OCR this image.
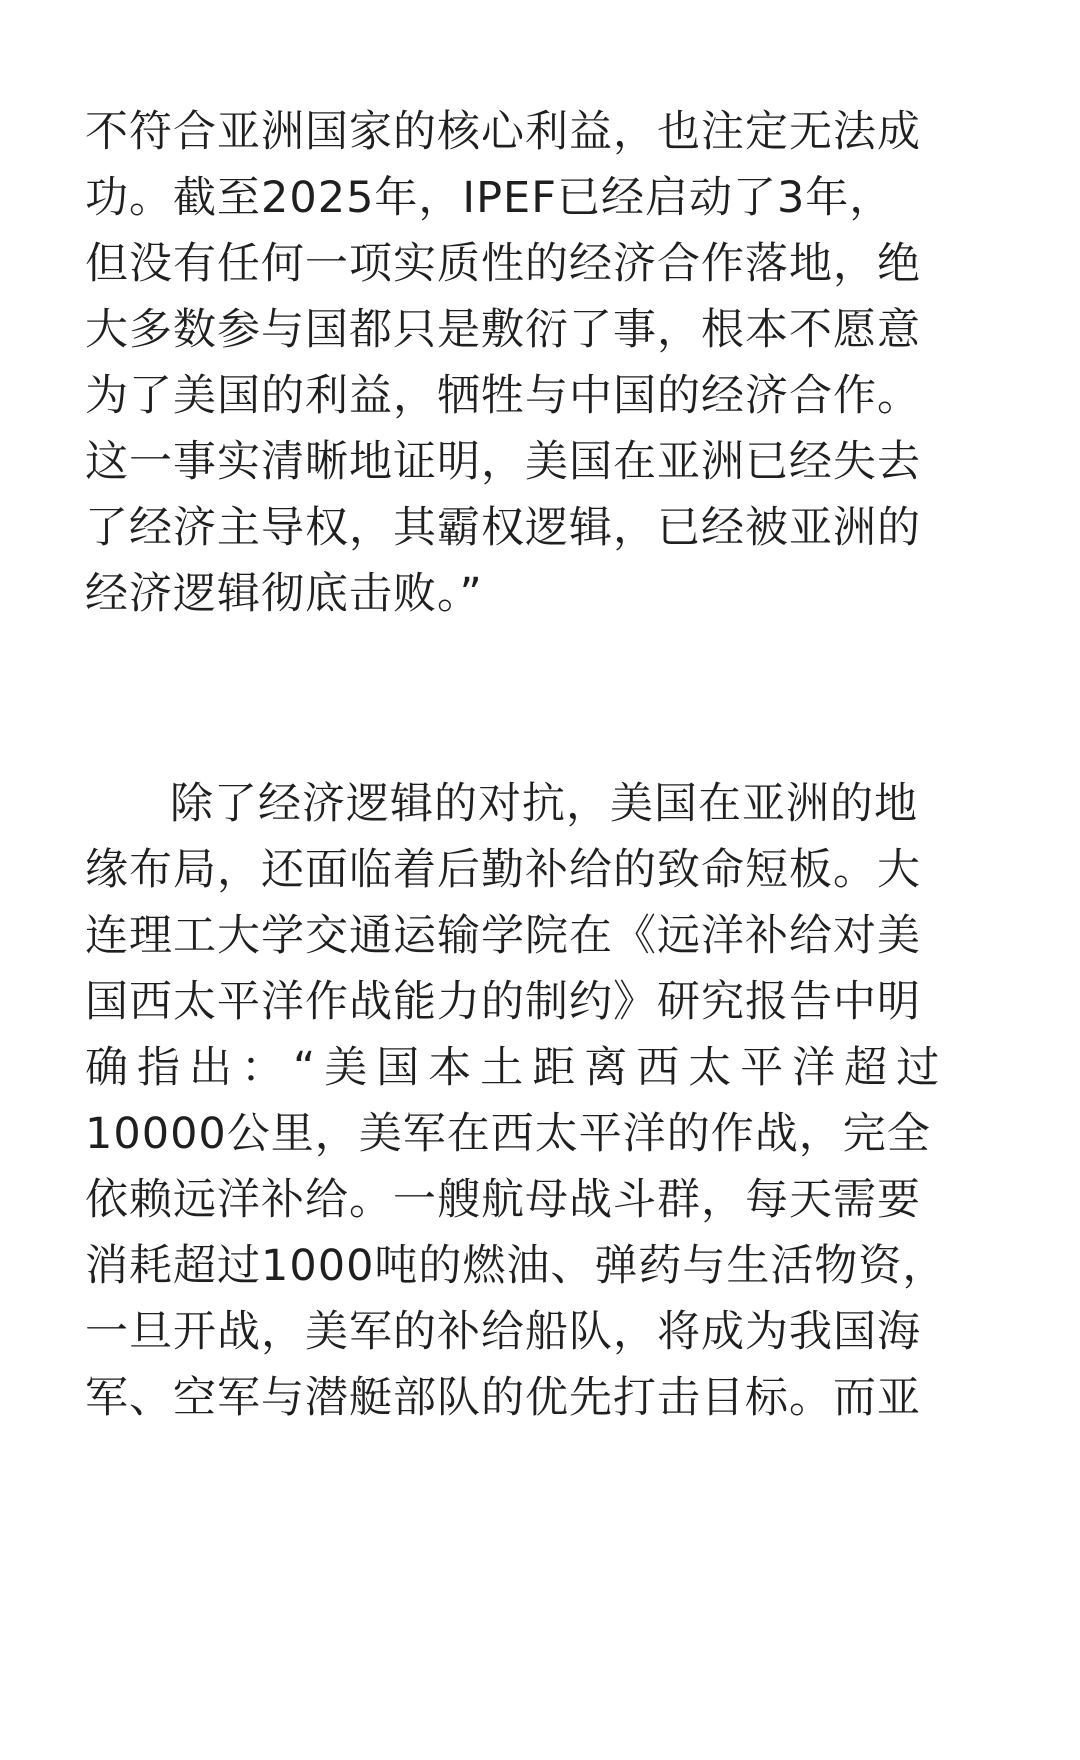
不符合亚洲国家的核心利益，也注定无法成
功。截至2025年，IPEF已经启动了3年，
但没有任何一项实质性的经济合作落地，绝
大多数参与国都只是敷衍了事，根本不愿意
为了美国的利益，牺牲与中国的经济合作。
这一事实清晰地证明，美国在亚洲已经失去
了经济主导权，其霸权逻辑，已经被亚洲的
经济逻辑彻底击败。”
除了经济逻辑的对抗，美国在亚洲的地
缘布局，还面临着后勤补给的致命短板。大
连理工大学交通运输学院在《远洋补给对美
国西太平洋作战能力的制约》研究报告中明
确指出：“美国本土距离西太平洋超过
10000公里，美军在西太平洋的作战，完全
依赖远洋补给。一艘航母战斗群，每天需要
消耗超过1000吨的燃油、弹药与生活物资，
一旦开战，美军的补给船队，将成为我国海
军、空军与潜艇部队的优先打击目标。而亚
